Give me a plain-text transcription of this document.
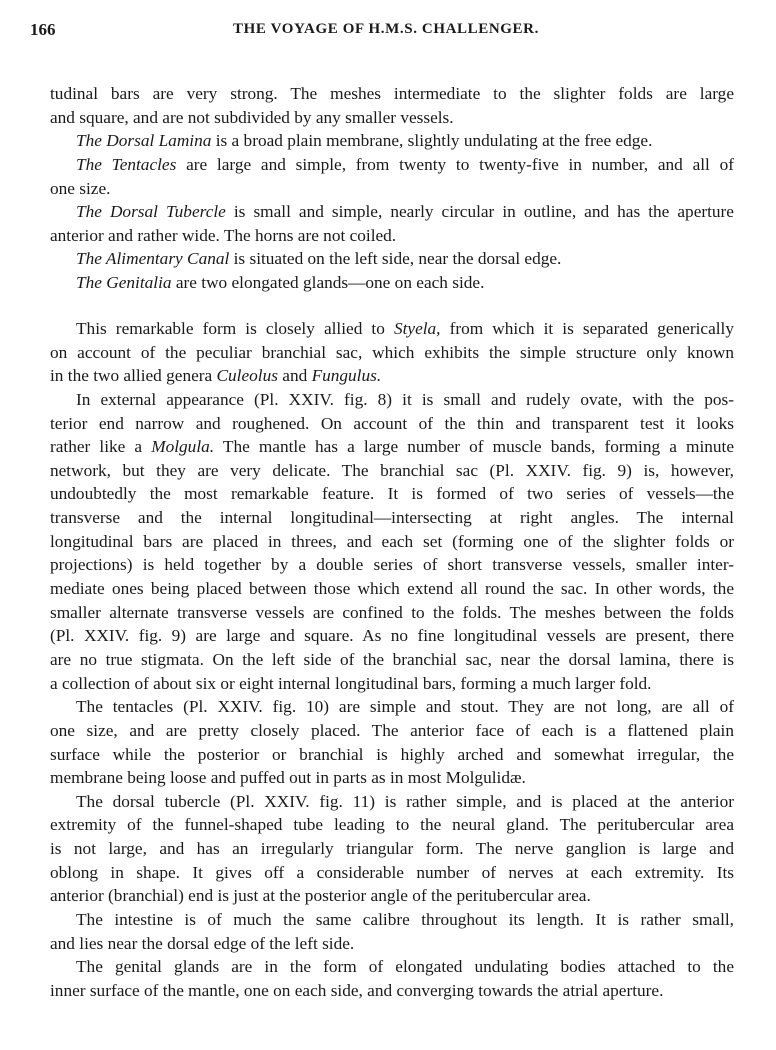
166	THE VOYAGE OF H.M.S. CHALLENGER.
tudinal bars are very strong. The meshes intermediate to the slighter folds are large
and square, and are not subdivided by any smaller vessels.
The Dorsal Lamina is a broad plain membrane, slightly undulating at the free edge.
The Tentacles are large and simple, from twenty to twenty-five in number, and all of
one size.
The Dorsal Tubercle is small and simple, nearly circular in outline, and has the aperture
anterior and rather wide. The horns are not coiled.
The Alimentary Canal is situated on the left side, near the dorsal edge.
The Genitalia are two elongated glands—one on each side.
This remarkable form is closely allied to Styela, from which it is separated generically
on account of the peculiar branchial sac, which exhibits the simple structure only known
in the two allied genera Culeolus and Fungulus.
In external appearance (Pl. XXIV. fig. 8) it is small and rudely ovate, with the pos-
terior end narrow and roughened. On account of the thin and transparent test it looks
rather like a Molgula. The mantle has a large number of muscle bands, forming a minute
network, but they are very delicate. The branchial sac (Pl. XXIV. fig. 9) is, however,
undoubtedly the most remarkable feature. It is formed of two series of vessels—the
transverse and the internal longitudinal—intersecting at right angles. The internal
longitudinal bars are placed in threes, and each set (forming one of the slighter folds or
projections) is held together by a double series of short transverse vessels, smaller inter-
mediate ones being placed between those which extend all round the sac. In other words, the
smaller alternate transverse vessels are confined to the folds. The meshes between the folds
(Pl. XXIV. fig. 9) are large and square. As no fine longitudinal vessels are present, there
are no true stigmata. On the left side of the branchial sac, near the dorsal lamina, there is
a collection of about six or eight internal longitudinal bars, forming a much larger fold.
The tentacles (Pl. XXIV. fig. 10) are simple and stout. They are not long, are all of
one size, and are pretty closely placed. The anterior face of each is a flattened plain
surface while the posterior or branchial is highly arched and somewhat irregular, the
membrane being loose and puffed out in parts as in most Molgulidæ.
The dorsal tubercle (Pl. XXIV. fig. 11) is rather simple, and is placed at the anterior
extremity of the funnel-shaped tube leading to the neural gland. The peritubercular area
is not large, and has an irregularly triangular form. The nerve ganglion is large and
oblong in shape. It gives off a considerable number of nerves at each extremity. Its
anterior (branchial) end is just at the posterior angle of the peritubercular area.
The intestine is of much the same calibre throughout its length. It is rather small,
and lies near the dorsal edge of the left side.
The genital glands are in the form of elongated undulating bodies attached to the
inner surface of the mantle, one on each side, and converging towards the atrial aperture.
